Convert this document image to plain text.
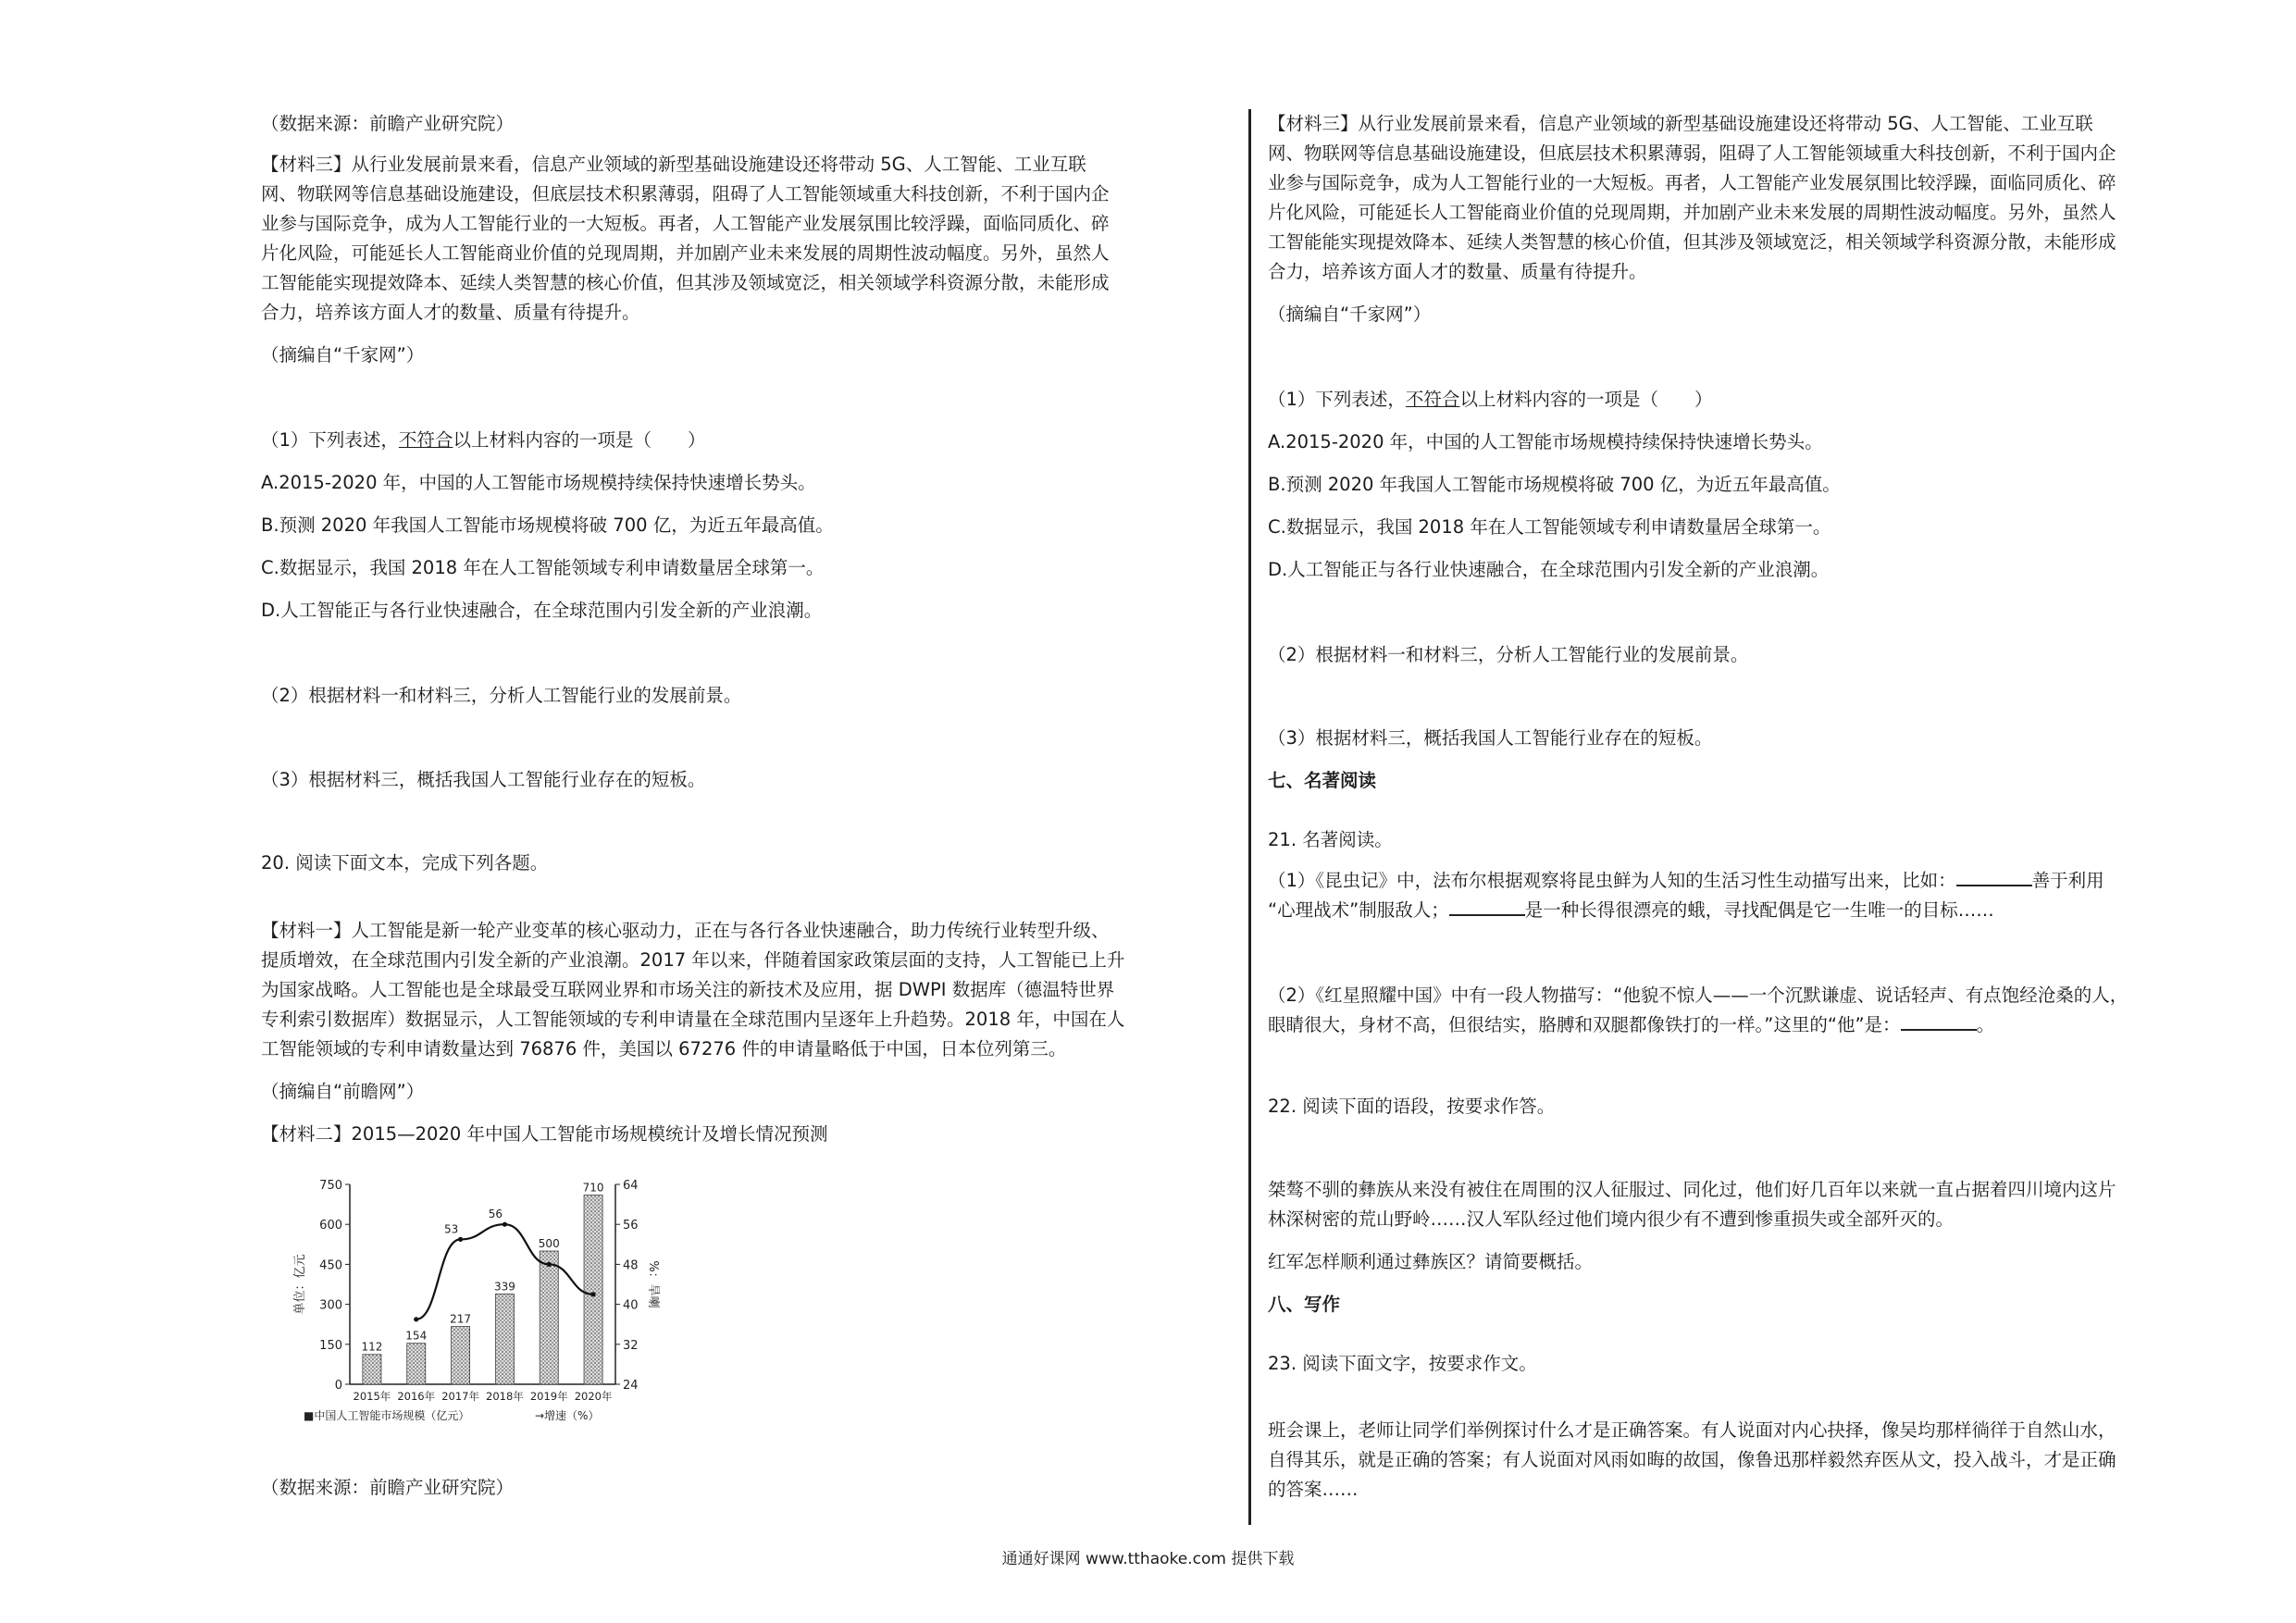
（数据来源：前瞻产业研究院）
【材料三】从行业发展前景来看，信息产业领域的新型基础设施建设还将带动 5G、人工智能、工业互联
网、物联网等信息基础设施建设，但底层技术积累薄弱，阻碍了人工智能领域重大科技创新，不利于国内企
业参与国际竞争，成为人工智能行业的一大短板。再者，人工智能产业发展氛围比较浮躁，面临同质化、碎
片化风险，可能延长人工智能商业价值的兑现周期，并加剧产业未来发展的周期性波动幅度。另外，虽然人
工智能能实现提效降本、延续人类智慧的核心价值，但其涉及领域宽泛，相关领域学科资源分散，未能形成
合力，培养该方面人才的数量、质量有待提升。
（摘编自“千家网”）
（1）下列表述，不符合以上材料内容的一项是（　　）
A.2015-2020 年，中国的人工智能市场规模持续保持快速增长势头。
B.预测 2020 年我国人工智能市场规模将破 700 亿，为近五年最高值。
C.数据显示，我国 2018 年在人工智能领域专利申请数量居全球第一。
D.人工智能正与各行业快速融合，在全球范围内引发全新的产业浪潮。
（2）根据材料一和材料三，分析人工智能行业的发展前景。
（3）根据材料三，概括我国人工智能行业存在的短板。
20. 阅读下面文本，完成下列各题。
【材料一】人工智能是新一轮产业变革的核心驱动力，正在与各行各业快速融合，助力传统行业转型升级、
提质增效，在全球范围内引发全新的产业浪潮。2017 年以来，伴随着国家政策层面的支持，人工智能已上升
为国家战略。人工智能也是全球最受互联网业界和市场关注的新技术及应用，据 DWPI 数据库（德温特世界
专利索引数据库）数据显示，人工智能领域的专利申请量在全球范围内呈逐年上升趋势。2018 年，中国在人
工智能领域的专利申请数量达到 76876 件，美国以 67276 件的申请量略低于中国，日本位列第三。
（摘编自“前瞻网”）
【材料二】2015—2020 年中国人工智能市场规模统计及增长情况预测
（数据来源：前瞻产业研究院）
0
150
300
450
600
750
24
32
40
48
56
64
单位：亿元	%：旱喇
112
154
217
339
500
710
2015年 2016年 2017年 2018年 2019年 2020年
53
56
■中国人工智能市场规模（亿元）	→增速（%）
【材料三】从行业发展前景来看，信息产业领域的新型基础设施建设还将带动 5G、人工智能、工业互联
网、物联网等信息基础设施建设，但底层技术积累薄弱，阻碍了人工智能领域重大科技创新，不利于国内企
业参与国际竞争，成为人工智能行业的一大短板。再者，人工智能产业发展氛围比较浮躁，面临同质化、碎
片化风险，可能延长人工智能商业价值的兑现周期，并加剧产业未来发展的周期性波动幅度。另外，虽然人
工智能能实现提效降本、延续人类智慧的核心价值，但其涉及领域宽泛，相关领域学科资源分散，未能形成
合力，培养该方面人才的数量、质量有待提升。
（摘编自“千家网”）
（1）下列表述，不符合以上材料内容的一项是（　　）
A.2015-2020 年，中国的人工智能市场规模持续保持快速增长势头。
B.预测 2020 年我国人工智能市场规模将破 700 亿，为近五年最高值。
C.数据显示，我国 2018 年在人工智能领域专利申请数量居全球第一。
D.人工智能正与各行业快速融合，在全球范围内引发全新的产业浪潮。
（2）根据材料一和材料三，分析人工智能行业的发展前景。
（3）根据材料三，概括我国人工智能行业存在的短板。
七、名著阅读
21. 名著阅读。
（1）《昆虫记》中，法布尔根据观察将昆虫鲜为人知的生活习性生动描写出来，比如：	善于利用
“心理战术”制服敌人；	是一种长得很漂亮的蛾，寻找配偶是它一生唯一的目标……
（2）《红星照耀中国》中有一段人物描写：“他貌不惊人——一个沉默谦虚、说话轻声、有点饱经沧桑的人，
眼睛很大，身材不高，但很结实，胳膊和双腿都像铁打的一样。”这里的“他”是：	。
22. 阅读下面的语段，按要求作答。
桀骜不驯的彝族从来没有被住在周围的汉人征服过、同化过，他们好几百年以来就一直占据着四川境内这片
林深树密的荒山野岭……汉人军队经过他们境内很少有不遭到惨重损失或全部歼灭的。
红军怎样顺利通过彝族区？请简要概括。
八、写作
23. 阅读下面文字，按要求作文。
班会课上，老师让同学们举例探讨什么才是正确答案。有人说面对内心抉择，像吴均那样徜徉于自然山水，
自得其乐，就是正确的答案；有人说面对风雨如晦的故国，像鲁迅那样毅然弃医从文，投入战斗，才是正确
的答案……
通通好课网 www.tthaoke.com 提供下载
